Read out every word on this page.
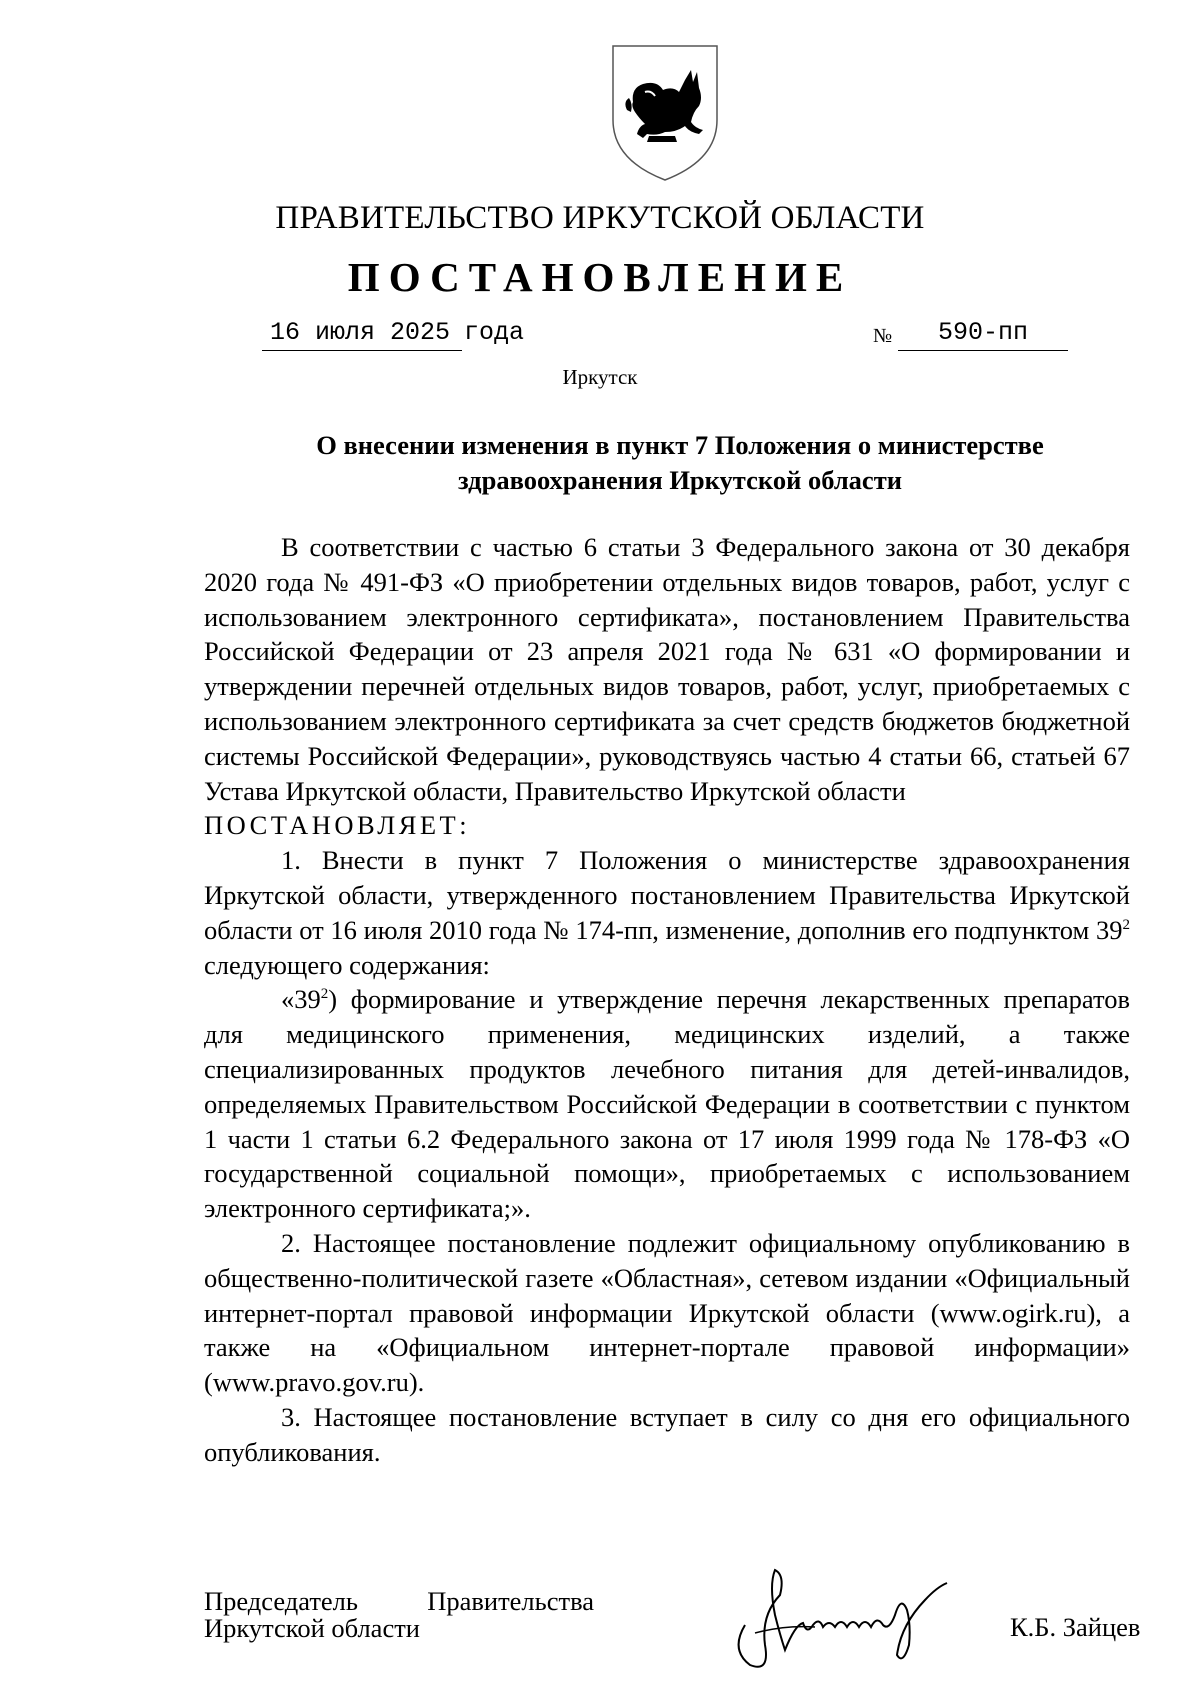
ПРАВИТЕЛЬСТВО ИРКУТСКОЙ ОБЛАСТИ
ПОСТАНОВЛЕНИЕ
16 июля 2025 года	№ 590-пп
Иркутск
О внесении изменения в пункт 7 Положения о министерстве
здравоохранения Иркутской области

В соответствии с частью 6 статьи 3 Федерального закона от 30 декабря 2020 года № 491-ФЗ «О приобретении отдельных видов товаров, работ, услуг с использованием электронного сертификата», постановлением Правительства Российской Федерации от 23 апреля 2021 года № 631 «О формировании и утверждении перечней отдельных видов товаров, работ, услуг, приобретаемых с использованием электронного сертификата за счет средств бюджетов бюджетной системы Российской Федерации», руководствуясь частью 4 статьи 66, статьей 67 Устава Иркутской области, Правительство Иркутской области

ПОСТАНОВЛЯЕТ:

1. Внести в пункт 7 Положения о министерстве здравоохранения Иркутской области, утвержденного постановлением Правительства Иркутской области от 16 июля 2010 года № 174-пп, изменение, дополнив его подпунктом $39^2$ следующего содержания:

«$39^2$) формирование и утверждение перечня лекарственных препаратов для медицинского применения, медицинских изделий, а также специализированных продуктов лечебного питания для детей-инвалидов, определяемых Правительством Российской Федерации в соответствии с пунктом 1 части 1 статьи 6.2 Федерального закона от 17 июля 1999 года № 178-ФЗ «О государственной социальной помощи», приобретаемых с использованием электронного сертификата;».

2. Настоящее постановление подлежит официальному опубликованию в общественно-политической газете «Областная», сетевом издании «Официальный интернет-портал правовой информации Иркутской области (www.ogirk.ru), а также на «Официальном интернет-портале правовой информации» (www.pravo.gov.ru).

3. Настоящее постановление вступает в силу со дня его официального опубликования.

Председатель	Правительства
Иркутской области	К.Б. Зайцев
